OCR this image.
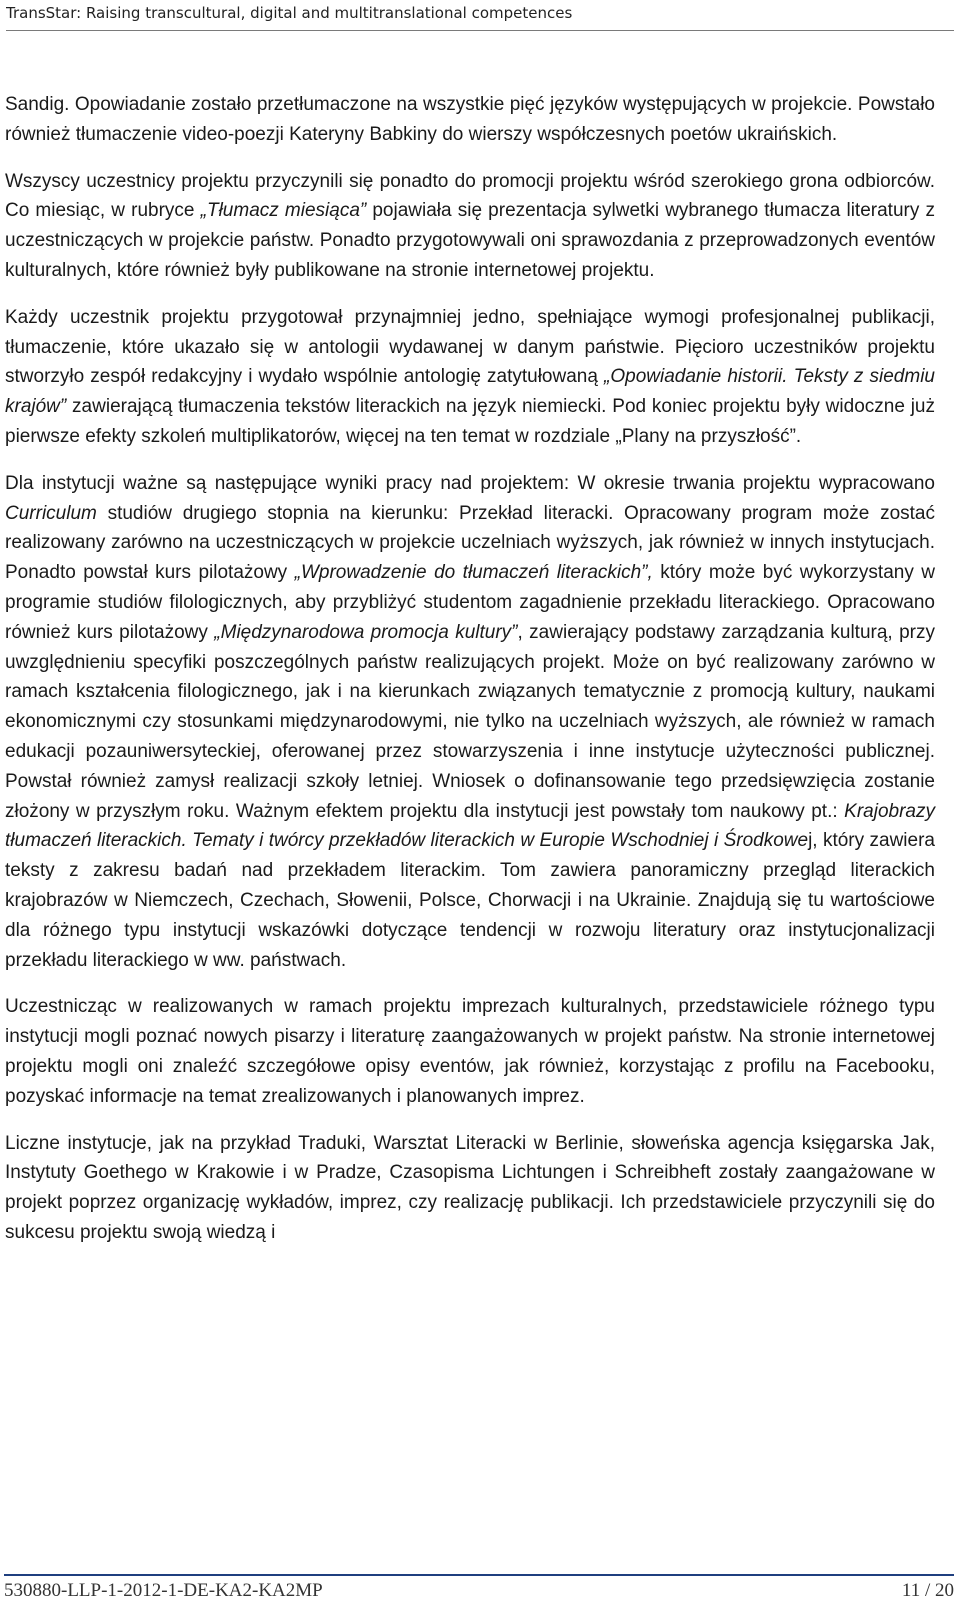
TransStar: Raising transcultural, digital and multitranslational competences

Sandig. Opowiadanie zostało przetłumaczone na wszystkie pięć języków występujących w projekcie. Powstało również tłumaczenie video-poezji Kateryny Babkiny do wierszy współczesnych poetów ukraińskich.

Wszyscy uczestnicy projektu przyczynili się ponadto do promocji projektu wśród szerokiego grona odbiorców. Co miesiąc, w rubryce „Tłumacz miesiąca” pojawiała się prezentacja sylwetki wybranego tłumacza literatury z uczestniczących w projekcie państw. Ponadto przygotowywali oni sprawozdania z przeprowadzonych eventów kulturalnych, które również były publikowane na stronie internetowej projektu.

Każdy uczestnik projektu przygotował przynajmniej jedno, spełniające wymogi profesjonalnej publikacji, tłumaczenie, które ukazało się w antologii wydawanej w danym państwie. Pięcioro uczestników projektu stworzyło zespół redakcyjny i wydało wspólnie antologię zatytułowaną „Opowiadanie historii. Teksty z siedmiu krajów” zawierającą tłumaczenia tekstów literackich na język niemiecki. Pod koniec projektu były widoczne już pierwsze efekty szkoleń multiplikatorów, więcej na ten temat w rozdziale „Plany na przyszłość”.

Dla instytucji ważne są następujące wyniki pracy nad projektem: W okresie trwania projektu wypracowano Curriculum studiów drugiego stopnia na kierunku: Przekład literacki. Opracowany program może zostać realizowany zarówno na uczestniczących w projekcie uczelniach wyższych, jak również w innych instytucjach. Ponadto powstał kurs pilotażowy „Wprowadzenie do tłumaczeń literackich”, który może być wykorzystany w programie studiów filologicznych, aby przybliżyć studentom zagadnienie przekładu literackiego. Opracowano również kurs pilotażowy „Międzynarodowa promocja kultury”, zawierający podstawy zarządzania kulturą, przy uwzględnieniu specyfiki poszczególnych państw realizujących projekt. Może on być realizowany zarówno w ramach kształcenia filologicznego, jak i na kierunkach związanych tematycznie z promocją kultury, naukami ekonomicznymi czy stosunkami międzynarodowymi, nie tylko na uczelniach wyższych, ale również w ramach edukacji pozauniwersyteckiej, oferowanej przez stowarzyszenia i inne instytucje użyteczności publicznej. Powstał również zamysł realizacji szkoły letniej. Wniosek o dofinansowanie tego przedsięwzięcia zostanie złożony w przyszłym roku. Ważnym efektem projektu dla instytucji jest powstały tom naukowy pt.: Krajobrazy tłumaczeń literackich. Tematy i twórcy przekładów literackich w Europie Wschodniej i Środkowej, który zawiera teksty z zakresu badań nad przekładem literackim. Tom zawiera panoramiczny przegląd literackich krajobrazów w Niemczech, Czechach, Słowenii, Polsce, Chorwacji i na Ukrainie. Znajdują się tu wartościowe dla różnego typu instytucji wskazówki dotyczące tendencji w rozwoju literatury oraz instytucjonalizacji przekładu literackiego w ww. państwach.

Uczestnicząc w realizowanych w ramach projektu imprezach kulturalnych, przedstawiciele różnego typu instytucji mogli poznać nowych pisarzy i literaturę zaangażowanych w projekt państw. Na stronie internetowej projektu mogli oni znaleźć szczegółowe opisy eventów, jak również, korzystając z profilu na Facebooku, pozyskać informacje na temat zrealizowanych i planowanych imprez.

Liczne instytucje, jak na przykład Traduki, Warsztat Literacki w Berlinie, słoweńska agencja księgarska Jak, Instytuty Goethego w Krakowie i w Pradze, Czasopisma Lichtungen i Schreibheft zostały zaangażowane w projekt poprzez organizację wykładów, imprez, czy realizację publikacji. Ich przedstawiciele przyczynili się do sukcesu projektu swoją wiedzą i

530880-LLP-1-2012-1-DE-KA2-KA2MP	11 / 20
